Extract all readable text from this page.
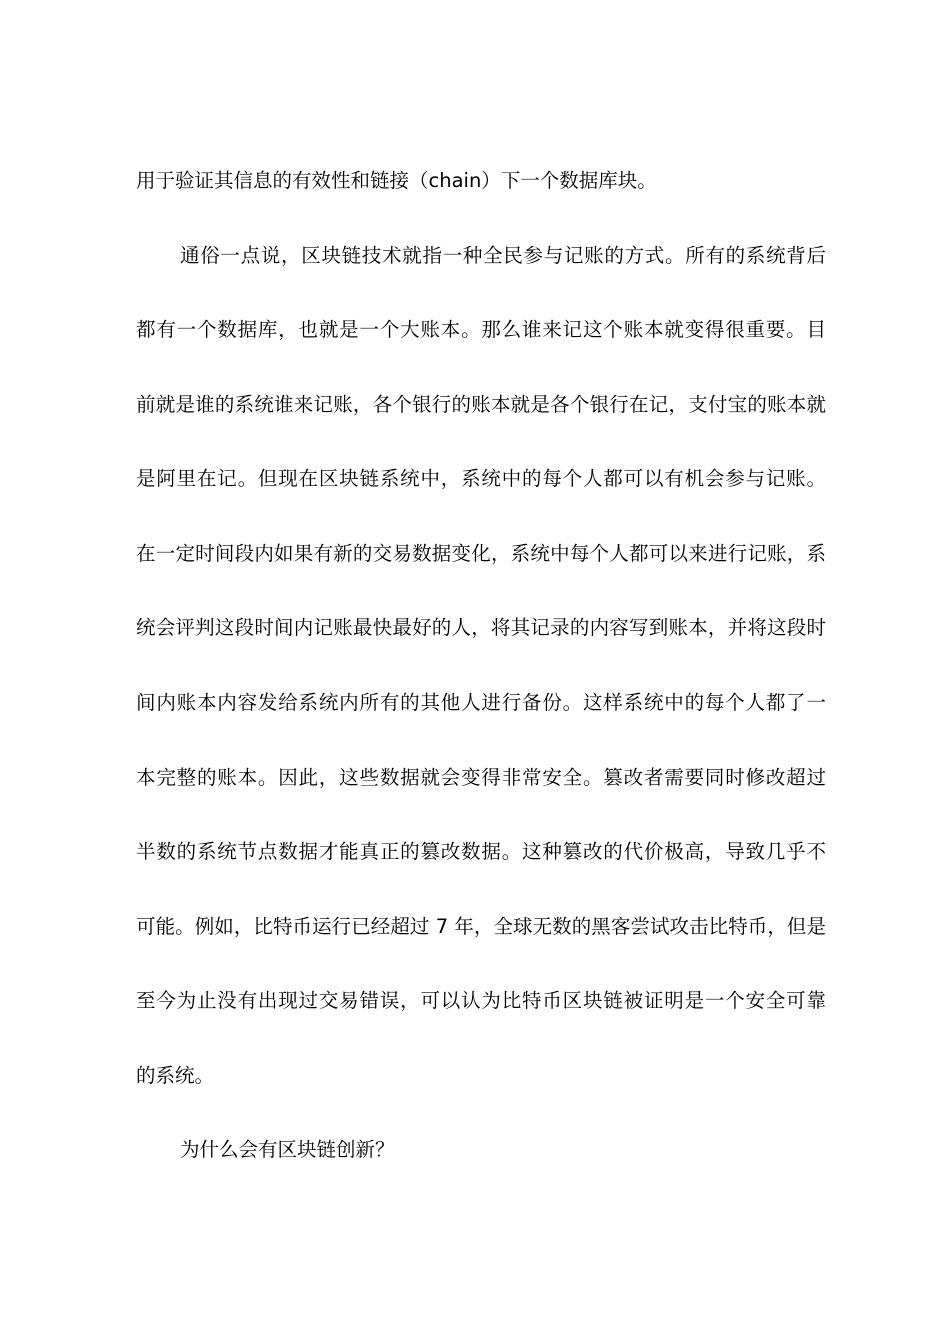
用于验证其信息的有效性和链接（chain）下一个数据库块。
通俗一点说，区块链技术就指一种全民参与记账的方式。所有的系统背后
都有一个数据库，也就是一个大账本。那么谁来记这个账本就变得很重要。目
前就是谁的系统谁来记账，各个银行的账本就是各个银行在记，支付宝的账本就
是阿里在记。但现在区块链系统中，系统中的每个人都可以有机会参与记账。
在一定时间段内如果有新的交易数据变化，系统中每个人都可以来进行记账，系
统会评判这段时间内记账最快最好的人，将其记录的内容写到账本，并将这段时
间内账本内容发给系统内所有的其他人进行备份。这样系统中的每个人都了一
本完整的账本。因此，这些数据就会变得非常安全。篡改者需要同时修改超过
半数的系统节点数据才能真正的篡改数据。这种篡改的代价极高，导致几乎不
可能。例如，比特币运行已经超过 7 年，全球无数的黑客尝试攻击比特币，但是
至今为止没有出现过交易错误，可以认为比特币区块链被证明是一个安全可靠
的系统。
为什么会有区块链创新？
